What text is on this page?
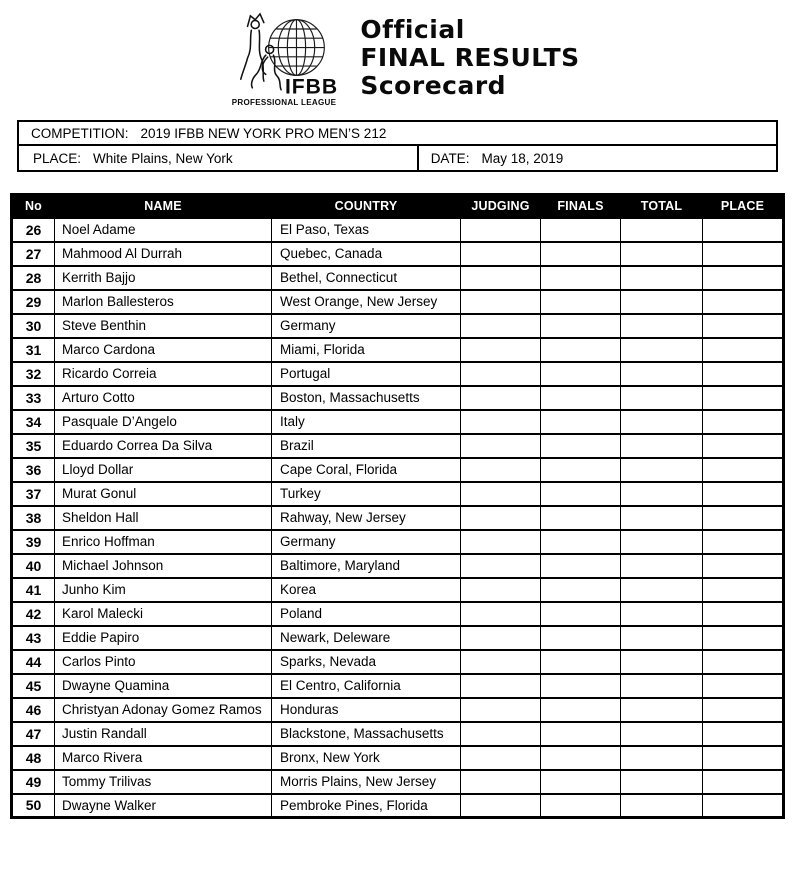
IFBB
PROFESSIONAL LEAGUE
Official
FINAL RESULTS
Scorecard
COMPETITION: 2019 IFBB NEW YORK PRO MEN’S 212
PLACE: White Plains, New York	DATE: May 18, 2019
No	NAME	COUNTRY	JUDGING	FINALS	TOTAL	PLACE
26	Noel Adame	El Paso, Texas				
27	Mahmood Al Durrah	Quebec, Canada				
28	Kerrith Bajjo	Bethel, Connecticut				
29	Marlon Ballesteros	West Orange, New Jersey				
30	Steve Benthin	Germany				
31	Marco Cardona	Miami, Florida				
32	Ricardo Correia	Portugal				
33	Arturo Cotto	Boston, Massachusetts				
34	Pasquale D’Angelo	Italy				
35	Eduardo Correa Da Silva	Brazil				
36	Lloyd Dollar	Cape Coral, Florida				
37	Murat Gonul	Turkey				
38	Sheldon Hall	Rahway, New Jersey				
39	Enrico Hoffman	Germany				
40	Michael Johnson	Baltimore, Maryland				
41	Junho Kim	Korea				
42	Karol Malecki	Poland				
43	Eddie Papiro	Newark, Deleware				
44	Carlos Pinto	Sparks, Nevada				
45	Dwayne Quamina	El Centro, California				
46	Christyan Adonay Gomez Ramos	Honduras				
47	Justin Randall	Blackstone, Massachusetts				
48	Marco Rivera	Bronx, New York				
49	Tommy Trilivas	Morris Plains, New Jersey				
50	Dwayne Walker	Pembroke Pines, Florida				
